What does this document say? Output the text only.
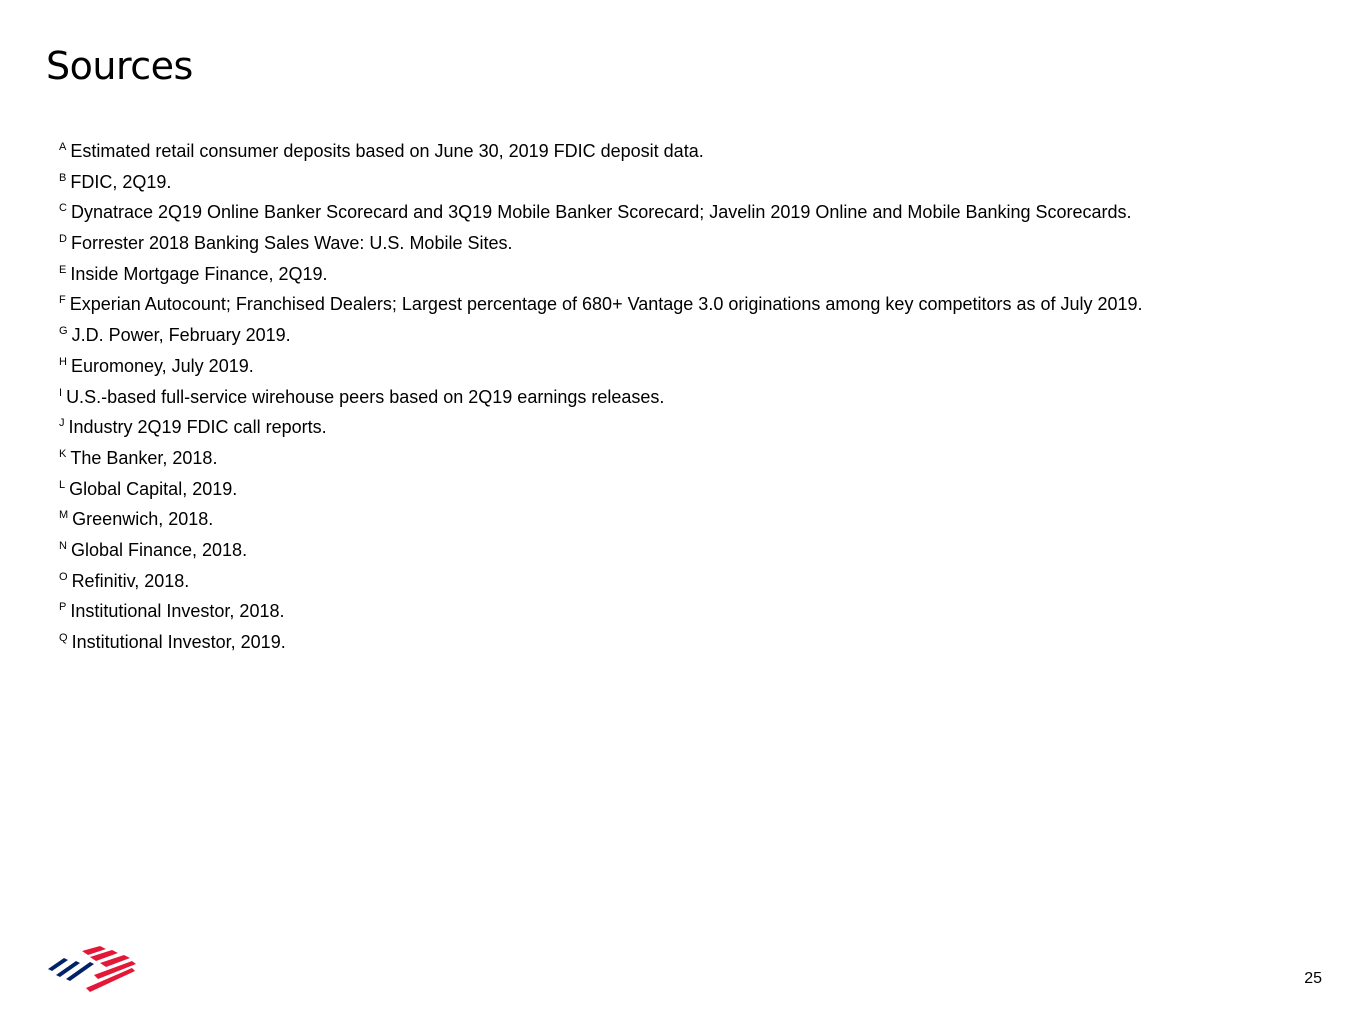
Sources
$^A$ Estimated retail consumer deposits based on June 30, 2019 FDIC deposit data.
$^B$ FDIC, 2Q19.
$^C$ Dynatrace 2Q19 Online Banker Scorecard and 3Q19 Mobile Banker Scorecard; Javelin 2019 Online and Mobile Banking Scorecards.
$^D$ Forrester 2018 Banking Sales Wave: U.S. Mobile Sites.
$^E$ Inside Mortgage Finance, 2Q19.
$^F$ Experian Autocount; Franchised Dealers; Largest percentage of 680+ Vantage 3.0 originations among key competitors as of July 2019.
$^G$ J.D. Power, February 2019.
$^H$ Euromoney, July 2019.
$^I$ U.S.-based full-service wirehouse peers based on 2Q19 earnings releases.
$^J$ Industry 2Q19 FDIC call reports.
$^K$ The Banker, 2018.
$^L$ Global Capital, 2019.
$^M$ Greenwich, 2018.
$^N$ Global Finance, 2018.
$^O$ Refinitiv, 2018.
$^P$ Institutional Investor, 2018.
$^Q$ Institutional Investor, 2019.
25
